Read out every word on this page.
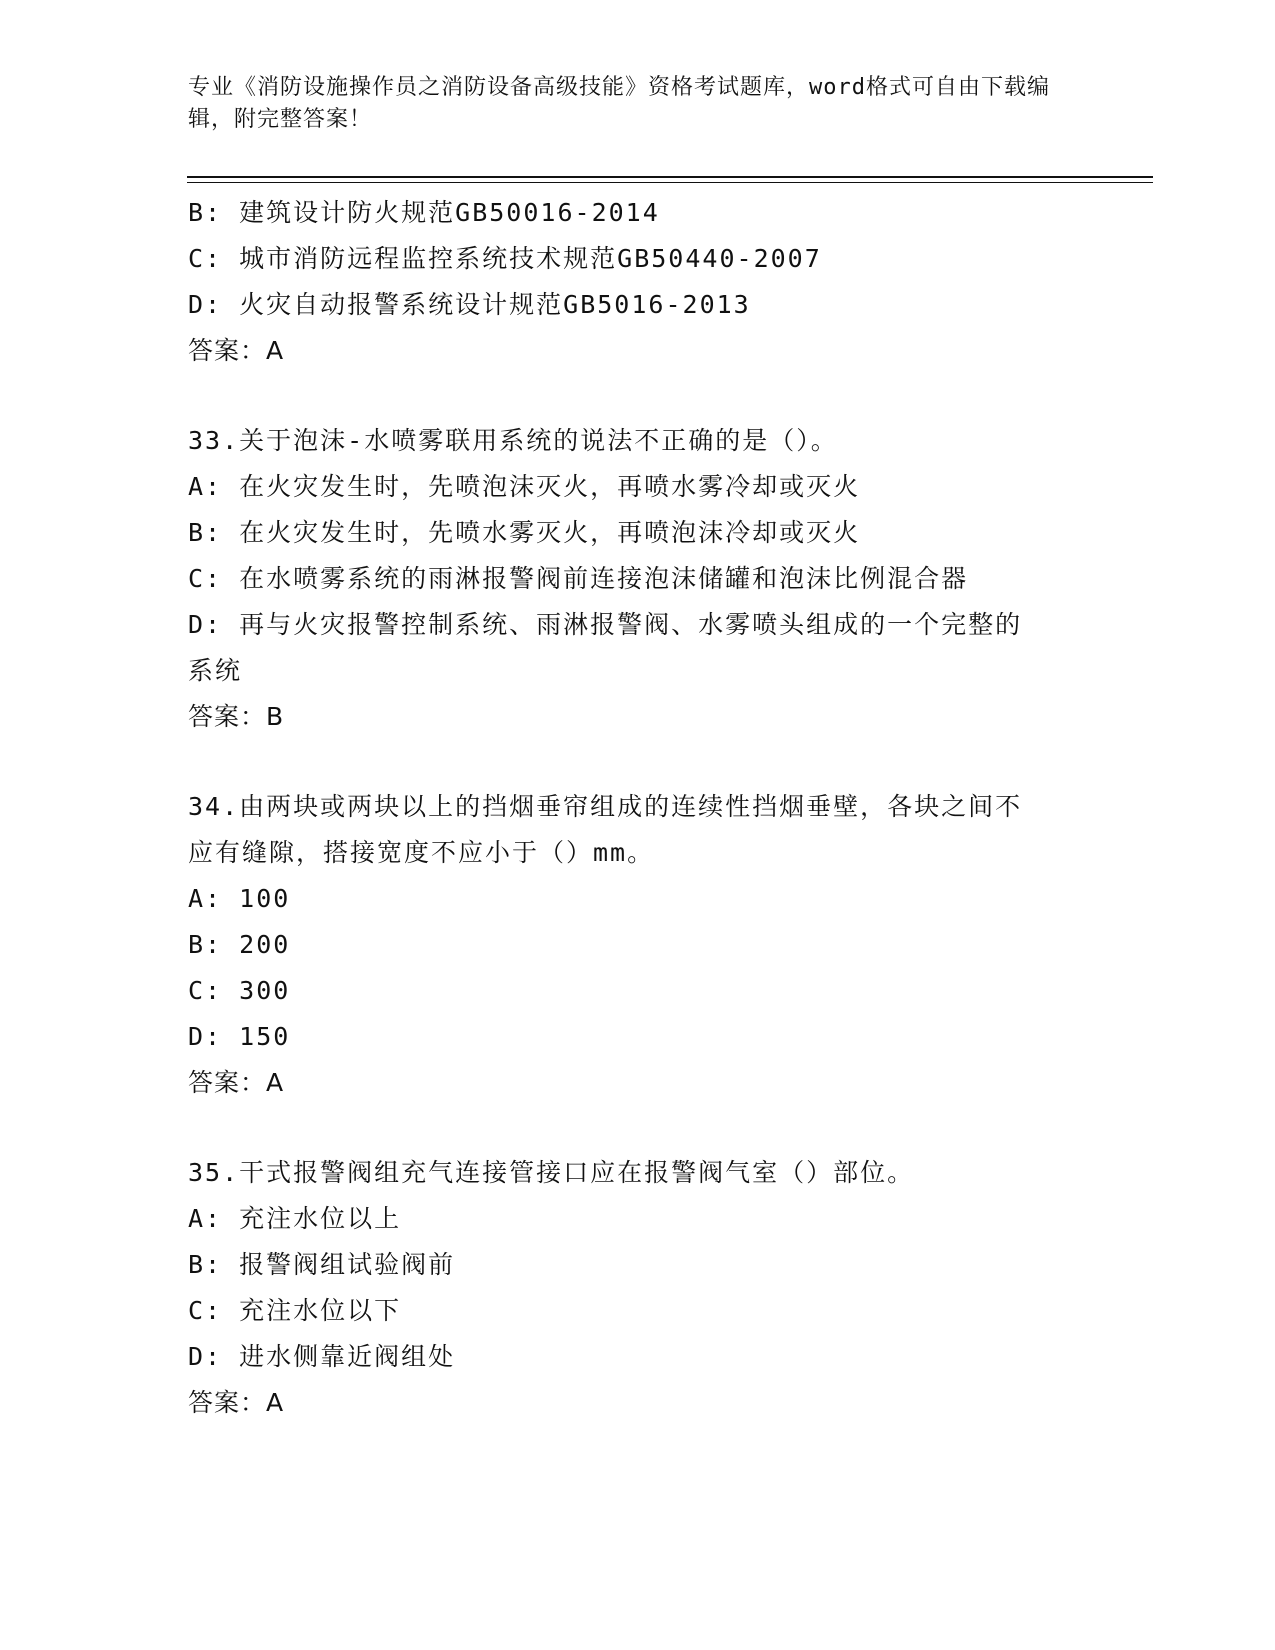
专业《消防设施操作员之消防设备高级技能》资格考试题库，word格式可自由下载编辑，附完整答案！
B: 建筑设计防火规范GB50016-2014
C: 城市消防远程监控系统技术规范GB50440-2007
D: 火灾自动报警系统设计规范GB5016-2013
答案：A
33.关于泡沫-水喷雾联用系统的说法不正确的是（）。
A: 在火灾发生时，先喷泡沫灭火，再喷水雾冷却或灭火
B: 在火灾发生时，先喷水雾灭火，再喷泡沫冷却或灭火
C: 在水喷雾系统的雨淋报警阀前连接泡沫储罐和泡沫比例混合器
D: 再与火灾报警控制系统、雨淋报警阀、水雾喷头组成的一个完整的
系统
答案：B
34.由两块或两块以上的挡烟垂帘组成的连续性挡烟垂壁，各块之间不
应有缝隙，搭接宽度不应小于（）mm。
A: 100
B: 200
C: 300
D: 150
答案：A
35.干式报警阀组充气连接管接口应在报警阀气室（）部位。
A: 充注水位以上
B: 报警阀组试验阀前
C: 充注水位以下
D: 进水侧靠近阀组处
答案：A
